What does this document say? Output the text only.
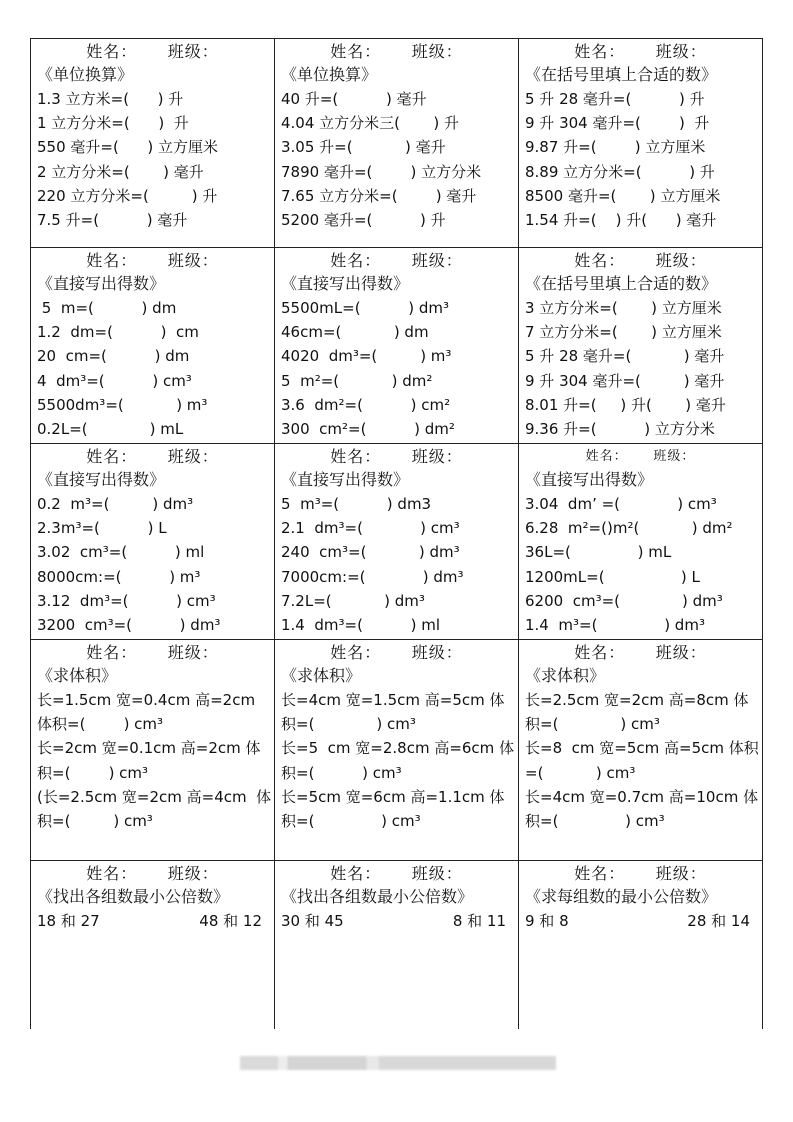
姓名：     班级：
《单位换算》
1.3 立方米=(      ) 升
1 立方分米=(      )  升
550 毫升=(      ) 立方厘米
2 立方分米=(       ) 毫升
220 立方分米=(         ) 升
7.5 升=(          ) 毫升
姓名：     班级：
《单位换算》
40 升=(          ) 毫升
4.04 立方分米三(       ) 升
3.05 升=(           ) 毫升
7890 毫升=(        ) 立方分米
7.65 立方分米=(        ) 毫升
5200 毫升=(          ) 升
姓名：     班级：
《在括号里填上合适的数》
5 升 28 毫升=(          ) 升
9 升 304 毫升=(        )  升
9.87 升=(        ) 立方厘米
8.89 立方分米=(          ) 升
8500 毫升=(       ) 立方厘米
1.54 升=(    ) 升(      ) 毫升
姓名：     班级：
《直接写出得数》
5  m=(          ) dm
1.2  dm=(          )  cm
20  cm=(          ) dm
4  dm³=(          ) cm³
5500dm³=(           ) m³
0.2L=(             ) mL
姓名：     班级：
《直接写出得数》
5500mL=(          ) dm³
46cm=(           ) dm
4020  dm³=(         ) m³
5  m²=(           ) dm²
3.6  dm²=(          ) cm²
300  cm²=(          ) dm²
姓名：     班级：
《在括号里填上合适的数》
3 立方分米=(       ) 立方厘米
7 立方分米=(       ) 立方厘米
5 升 28 毫升=(           ) 毫升
9 升 304 毫升=(         ) 毫升
8.01 升=(     ) 升(       ) 毫升
9.36 升=(          ) 立方分米
姓名：     班级：
《直接写出得数》
0.2  m³=(         ) dm³
2.3m³=(          ) L
3.02  cm³=(          ) ml
8000cm:=(          ) m³
3.12  dm³=(          ) cm³
3200  cm³=(          ) dm³
姓名：     班级：
《直接写出得数》
5  m³=(          ) dm3
2.1  dm³=(            ) cm³
240  cm³=(           ) dm³
7000cm:=(            ) dm³
7.2L=(           ) dm³
1.4  dm³=(          ) ml
姓名：     班级：
《直接写出得数》
3.04  dm’ =(            ) cm³
6.28  m²=()m²(           ) dm²
36L=(              ) mL
1200mL=(                ) L
6200  cm³=(             ) dm³
1.4  m³=(              ) dm³
姓名：     班级：
《求体积》
长=1.5cm 宽=0.4cm 高=2cm
体积=(        ) cm³
长=2cm 宽=0.1cm 高=2cm 体
积=(        ) cm³
(长=2.5cm 宽=2cm 高=4cm  体
积=(         ) cm³
姓名：     班级：
《求体积》
长=4cm 宽=1.5cm 高=5cm 体
积=(             ) cm³
长=5  cm 宽=2.8cm 高=6cm 体
积=(          ) cm³
长=5cm 宽=6cm 高=1.1cm 体
积=(              ) cm³
姓名：     班级：
《求体积》
长=2.5cm 宽=2cm 高=8cm 体
积=(             ) cm³
长=8  cm 宽=5cm 高=5cm 体积
=(           ) cm³
长=4cm 宽=0.7cm 高=10cm 体
积=(              ) cm³
姓名：     班级：
《找出各组数最小公倍数》
18 和 27	48 和 12
姓名：     班级：
《找出各组数最小公倍数》
30 和 45	8 和 11
姓名：     班级：
《求每组数的最小公倍数》
9 和 8	28 和 14
